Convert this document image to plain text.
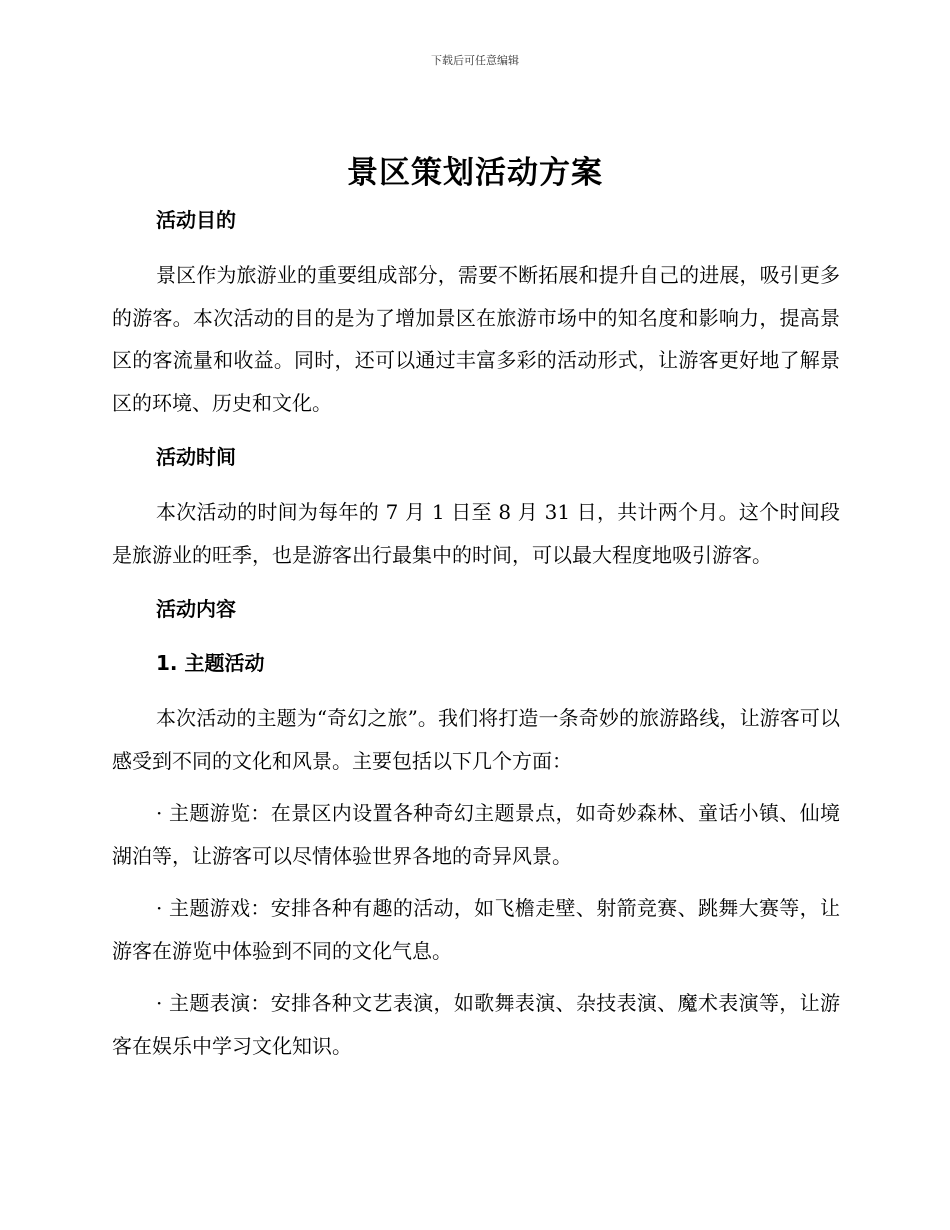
下载后可任意编辑
景区策划活动方案

活动目的

景区作为旅游业的重要组成部分，需要不断拓展和提升自己的进展，吸引更多的游客。本次活动的目的是为了增加景区在旅游市场中的知名度和影响力，提高景区的客流量和收益。同时，还可以通过丰富多彩的活动形式，让游客更好地了解景区的环境、历史和文化。

活动时间

本次活动的时间为每年的 7 月 1 日至 8 月 31 日，共计两个月。这个时间段是旅游业的旺季，也是游客出行最集中的时间，可以最大程度地吸引游客。

活动内容

1. 主题活动

本次活动的主题为“奇幻之旅”。我们将打造一条奇妙的旅游路线，让游客可以感受到不同的文化和风景。主要包括以下几个方面：

· 主题游览：在景区内设置各种奇幻主题景点，如奇妙森林、童话小镇、仙境湖泊等，让游客可以尽情体验世界各地的奇异风景。

· 主题游戏：安排各种有趣的活动，如飞檐走壁、射箭竞赛、跳舞大赛等，让游客在游览中体验到不同的文化气息。

· 主题表演：安排各种文艺表演，如歌舞表演、杂技表演、魔术表演等，让游客在娱乐中学习文化知识。
